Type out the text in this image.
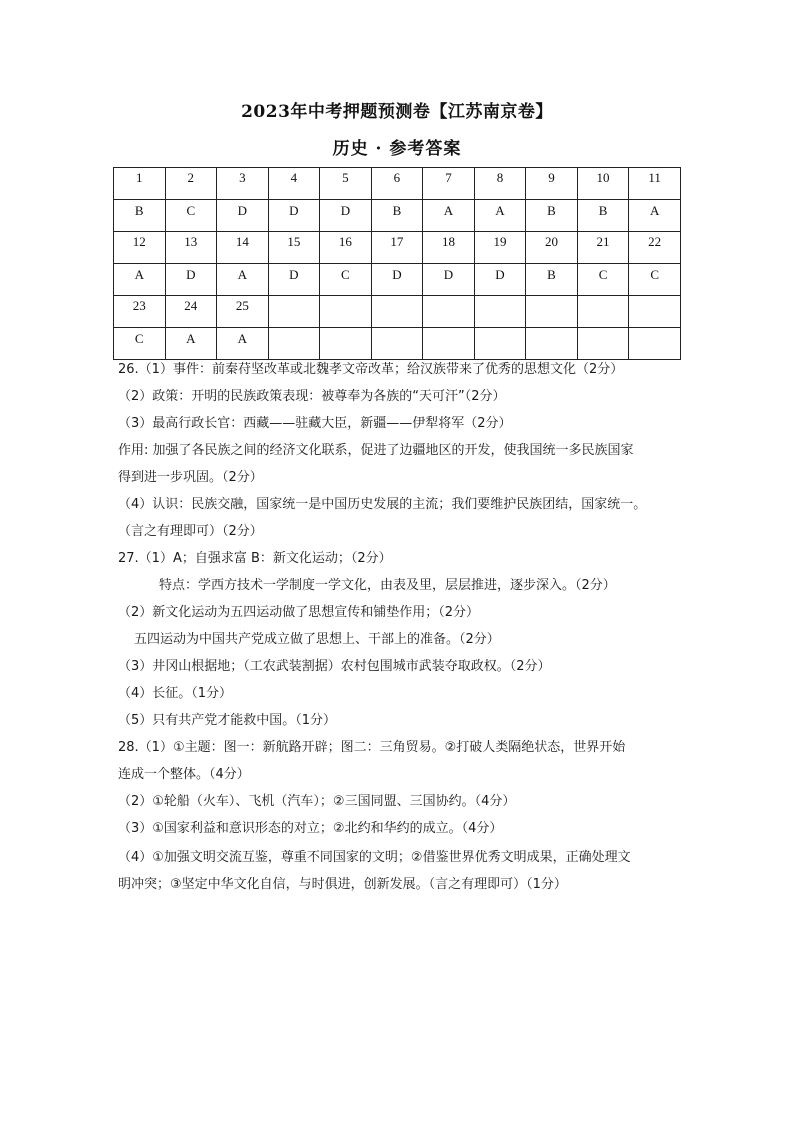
2023年中考押题预测卷【江苏南京卷】
历史 · 参考答案
1	2	3	4	5	6	7	8	9	10	11
B	C	D	D	D	B	A	A	B	B	A
12	13	14	15	16	17	18	19	20	21	22
A	D	A	D	C	D	D	D	B	C	C
23	24	25								
C	A	A								
26.（1）事件：前秦苻坚改革或北魏孝文帝改革；给汉族带来了优秀的思想文化（2分）
（2）政策：开明的民族政策表现：被尊奉为各族的“天可汗”（2分）
（3）最高行政长官：西藏——驻藏大臣，新疆——伊犁将军（2分）
作用: 加强了各民族之间的经济文化联系，促进了边疆地区的开发，使我国统一多民族国家
得到进一步巩固。（2分）
（4）认识：民族交融，国家统一是中国历史发展的主流；我们要维护民族团结，国家统一。
（言之有理即可）（2分）
27.（1）A；自强求富 B：新文化运动；（2分）
特点：学西方技术一学制度一学文化，由表及里，层层推进，逐步深入。（2分）
（2）新文化运动为五四运动做了思想宣传和铺垫作用；（2分）
五四运动为中国共产党成立做了思想上、干部上的准备。（2分）
（3）井冈山根据地；（工农武装割据）农村包围城市武装夺取政权。（2分）
（4）长征。（1分）
（5）只有共产党才能救中国。（1分）
28.（1）①主题：图一：新航路开辟；图二：三角贸易。②打破人类隔绝状态，世界开始
连成一个整体。（4分）
（2）①轮船（火车）、飞机（汽车）；②三国同盟、三国协约。（4分）
（3）①国家利益和意识形态的对立；②北约和华约的成立。（4分）
（4）①加强文明交流互鉴，尊重不同国家的文明；②借鉴世界优秀文明成果，正确处理文
明冲突；③坚定中华文化自信，与时俱进，创新发展。（言之有理即可）（1分）
